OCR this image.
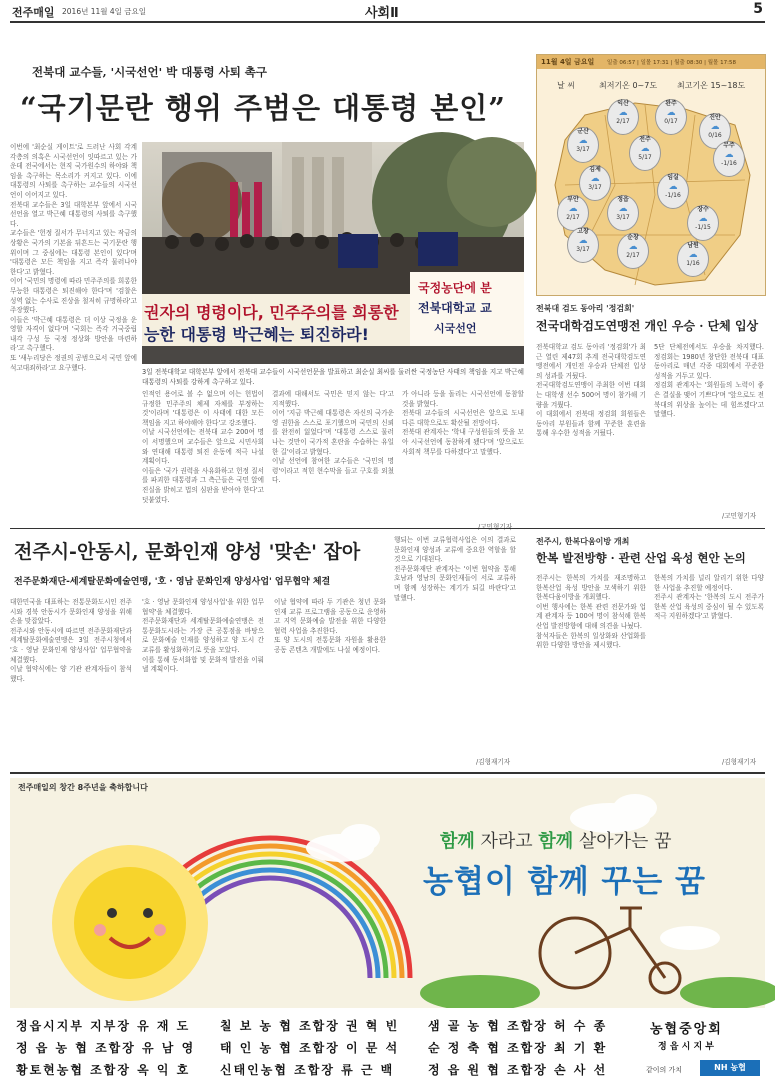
전주매일 2016년 11월 4일 금요일	사회Ⅱ	5
전북대 교수들, '시국선언' 박 대통령 사퇴 촉구
“국기문란 행위 주범은 대통령 본인”
이번에 '최순실 게이트'로 드러난 사회 각계각층의 의혹은 시국선언이 잇따르고 있는 가운데 전국에서는 현직 국가원수의 하야와 책임을 촉구하는 목소리가 커지고 있다. 이에 대통령의 사퇴를 촉구하는 교수들의 시국선언이 이어지고 있다.
전북대 교수들은 3일 대학본부 앞에서 시국선언을 열고 박근혜 대통령의 사퇴를 촉구했다.
교수들은 '헌정 질서가 무너지고 있는 작금의 상황은 국가의 기본을 뒤흔드는 국기문란 행위이며 그 중심에는 대통령 본인이 있다'며 '대통령은 모든 책임을 지고 즉각 물러나야 한다'고 밝혔다.
이어 '국민의 명령에 따라 민주주의를 희롱한 무능한 대통령은 퇴진해야 한다'며 '검찰은 성역 없는 수사로 진상을 철저히 규명하라'고 주장했다.
이들은 '박근혜 대통령은 더 이상 국정을 운영할 자격이 없다'며 '국회는 즉각 거국중립내각 구성 등 국정 정상화 방안을 마련하라'고 촉구했다.
또 '새누리당은 정권의 공범으로서 국민 앞에 석고대죄하라'고 요구했다.
권자의 명령이다, 민주주의를 희롱한
능한 대통령 박근혜는 퇴진하라!
국정농단에 분
전북대학교 교
시국선언
3일 전북대학교 대학본부 앞에서 전북대 교수들이 시국선언문을 발표하고 최순실 최씨를 둘러싼 국정농단 사태의 책임을 지고 박근혜 대통령의 사퇴를 강하게 촉구하고 있다.
인적인 용어로 볼 수 없으며 이는 헌법이 규정한 민주주의 체제 자체를 부정하는 것'이라며 '대통령은 이 사태에 대한 모든 책임을 지고 하야해야 한다'고 강조했다.
이날 시국선언에는 전북대 교수 200여 명이 서명했으며 교수들은 앞으로 시민사회와 연대해 대통령 퇴진 운동에 적극 나설 계획이다.
이들은 '국가 권력을 사유화하고 헌정 질서를 파괴한 대통령과 그 측근들은 국민 앞에 진실을 밝히고 법의 심판을 받아야 한다'고 덧붙였다.
결과에 대해서도 국민은 믿지 않는 다'고 지적했다.
이어 '지금 박근혜 대통령은 자신의 국가운영 권한을 스스로 포기했으며 국민의 신뢰를 완전히 잃었다'며 '대통령 스스로 물러나는 것만이 국가적 혼란을 수습하는 유일한 길'이라고 밝혔다.
이날 선언에 참여한 교수들은 '국민의 명령'이라고 적힌 현수막을 들고 구호를 외쳤다.
가 아니라 등을 돌리는 시국선언에 동참할 것을 밝혔다.
전북대 교수들의 시국선언은 앞으로 도내 다른 대학으로도 확산될 전망이다.
전북대 관계자는 '학내 구성원들의 뜻을 모아 시국선언에 동참하게 됐다'며 '앞으로도 사회적 책무를 다하겠다'고 말했다.
/고민형기자
11월 4일 금요일 일출 06:57 | 일몰 17:31 | 월출 08:30 | 월몰 17:58
날 씨	최저기온 0~7도 최고기온 15~18도
익산
☁
2/17
완주
☁
0/17
진안
☁
0/16
군산
☁
3/17
전주
☁
5/17
김제
☁
3/17
무주
☁
-1/16
부안
☁
2/17
정읍
☁
3/17
임실
☁
-1/16
장수
☁
-1/15
고창
☁
3/17
순창
☁
2/17
남원
☁
1/16
전북대 검도 동아리 '정검회'
전국대학검도연맹전 개인 우승 · 단체 입상
전북대학교 검도 동아리 '정검회'가 최근 열린 제47회 추계 전국대학검도연맹전에서 개인전 우승과 단체전 입상의 성과를 거뒀다.
전국대학검도연맹이 주최한 이번 대회는 대학생 선수 500여 명이 참가해 기량을 겨뤘다.
이 대회에서 전북대 정검회 회원들은 동아리 부원들과 함께 꾸준한 훈련을 통해 우수한 성적을 거뒀다.
5단 단체전에서도 우승을 차지했다. 정검회는 1980년 창단한 전북대 대표 동아리로 매년 각종 대회에서 꾸준한 성적을 거두고 있다.
정검회 관계자는 '회원들의 노력이 좋은 결실을 맺어 기쁘다'며 '앞으로도 전북대의 위상을 높이는 데 힘쓰겠다'고 말했다.
/고민형기자
전주시-안동시, 문화인재 양성 '맞손' 잡아
전주문화재단-세계탈문화예술연맹, '호 · 영남 문화인재 양성사업' 업무협약 체결
대한민국을 대표하는 전통문화도시인 전주시와 경북 안동시가 문화인재 양성을 위해 손을 맞잡았다.
전주시와 안동시에 따르면 전주문화재단과 세계탈문화예술연맹은 3일 전주시청에서 '호 · 영남 문화인재 양성사업' 업무협약을 체결했다.
이날 협약식에는 양 기관 관계자들이 참석했다.
'호 · 영남 문화인재 양성사업'을 위한 업무협약'을 체결했다.
전주문화재단과 세계탈문화예술연맹은 전통문화도시라는 가장 큰 공통점을 바탕으로 문화예술 인재를 양성하고 양 도시 간 교류를 활성화하기로 뜻을 모았다.
이를 통해 동서화합 및 문화적 발전을 이뤄낼 계획이다.
이날 협약에 따라 두 기관은 청년 문화인재 교류 프로그램을 공동으로 운영하고 지역 문화예술 발전을 위한 다양한 협력 사업을 추진한다.
또 양 도시의 전통문화 자원을 활용한 공동 콘텐츠 개발에도 나설 예정이다.
행되는 이번 교류협력사업은 이의 결과로 문화인재 양성과 교류에 중요한 역할을 할 것으로 기대된다.
전주문화재단 관계자는 '이번 협약을 통해 호남과 영남의 문화인재들이 서로 교류하며 함께 성장하는 계기가 되길 바란다'고 말했다.
/김형재기자
전주시, 한복다움이방 개최
한복 발전방향 · 관련 산업 육성 현안 논의
전주시는 한복의 가치를 재조명하고 한복산업 육성 방안을 모색하기 위한 한복다움이방을 개최했다.
이번 행사에는 한복 관련 전문가와 업계 관계자 등 100여 명이 참석해 한복 산업 발전방향에 대해 의견을 나눴다.
참석자들은 한복의 일상화와 산업화를 위한 다양한 방안을 제시했다.
한복의 가치를 널리 알리기 위한 다양한 사업을 추진할 예정이다.
전주시 관계자는 '한복의 도시 전주가 한복 산업 육성의 중심이 될 수 있도록 적극 지원하겠다'고 밝혔다.
/김형재기자
전주매일의 창간 8주년을 축하합니다
함께 자라고 함께 살아가는 꿈
농협이 함께 꾸는 꿈
정읍시지부 지부장 유 재 도 칠 보 농 협 조합장 권 혁 빈 샘 골 농 협 조합장 허 수 종
정 읍 농 협 조합장 유 남 영 태 인 농 협 조합장 이 문 석 순 정 축 협 조합장 최 기 환
황토현농협 조합장 옥 익 호 신태인농협 조합장 류 근 백	정 읍 원 협 조합장 손 사 선
농협중앙회
정 읍 시 지 부
같이의 가치	NH 농협
